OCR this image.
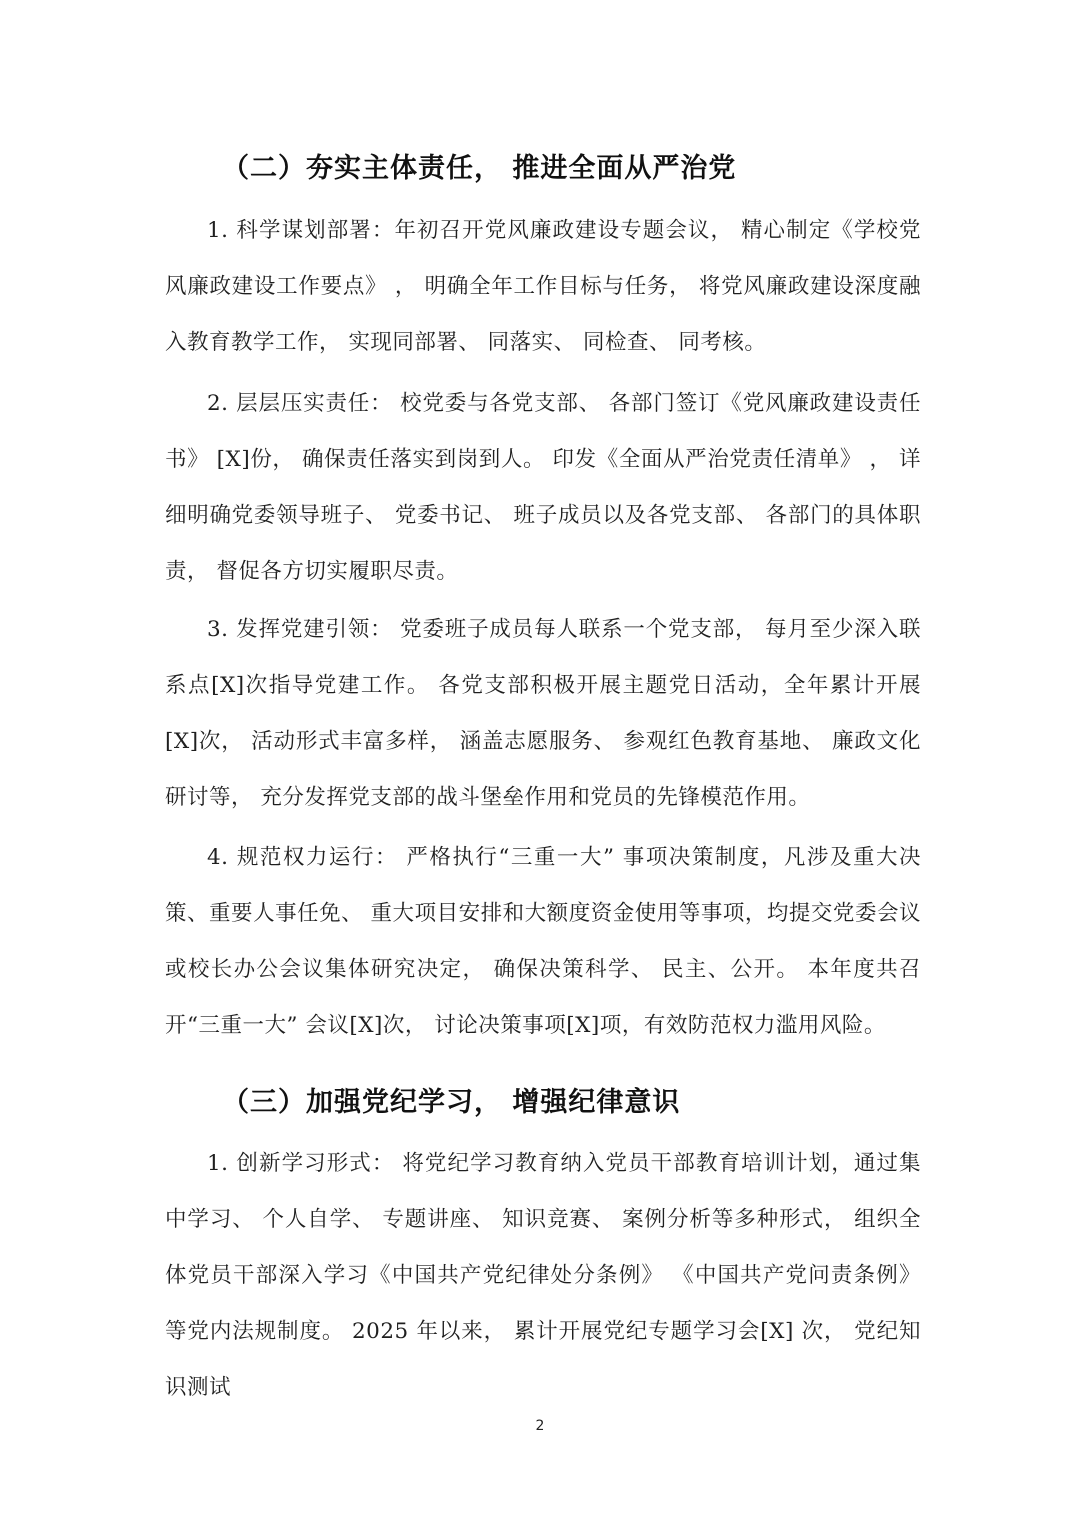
（二）夯实主体责任， 推进全面从严治党
1. 科学谋划部署：年初召开党风廉政建设专题会议， 精心制定《学校党风廉政建设工作要点》 ， 明确全年工作目标与任务， 将党风廉政建设深度融入教育教学工作， 实现同部署、 同落实、 同检查、 同考核。
2. 层层压实责任： 校党委与各党支部、 各部门签订《党风廉政建设责任书》 [X]份， 确保责任落实到岗到人。 印发《全面从严治党责任清单》 ， 详细明确党委领导班子、 党委书记、 班子成员以及各党支部、 各部门的具体职责， 督促各方切实履职尽责。
3. 发挥党建引领： 党委班子成员每人联系一个党支部， 每月至少深入联系点[X]次指导党建工作。 各党支部积极开展主题党日活动，全年累计开展[X]次， 活动形式丰富多样， 涵盖志愿服务、 参观红色教育基地、 廉政文化研讨等， 充分发挥党支部的战斗堡垒作用和党员的先锋模范作用。
4. 规范权力运行： 严格执行“三重一大” 事项决策制度，凡涉及重大决策、重要人事任免、 重大项目安排和大额度资金使用等事项，均提交党委会议或校长办公会议集体研究决定， 确保决策科学、 民主、公开。 本年度共召开“三重一大” 会议[X]次， 讨论决策事项[X]项，有效防范权力滥用风险。
（三）加强党纪学习， 增强纪律意识
1. 创新学习形式： 将党纪学习教育纳入党员干部教育培训计划，通过集中学习、 个人自学、 专题讲座、 知识竞赛、 案例分析等多种形式， 组织全体党员干部深入学习《中国共产党纪律处分条例》 《中国共产党问责条例》 等党内法规制度。 2025 年以来， 累计开展党纪专题学习会[X] 次， 党纪知识测试
2
